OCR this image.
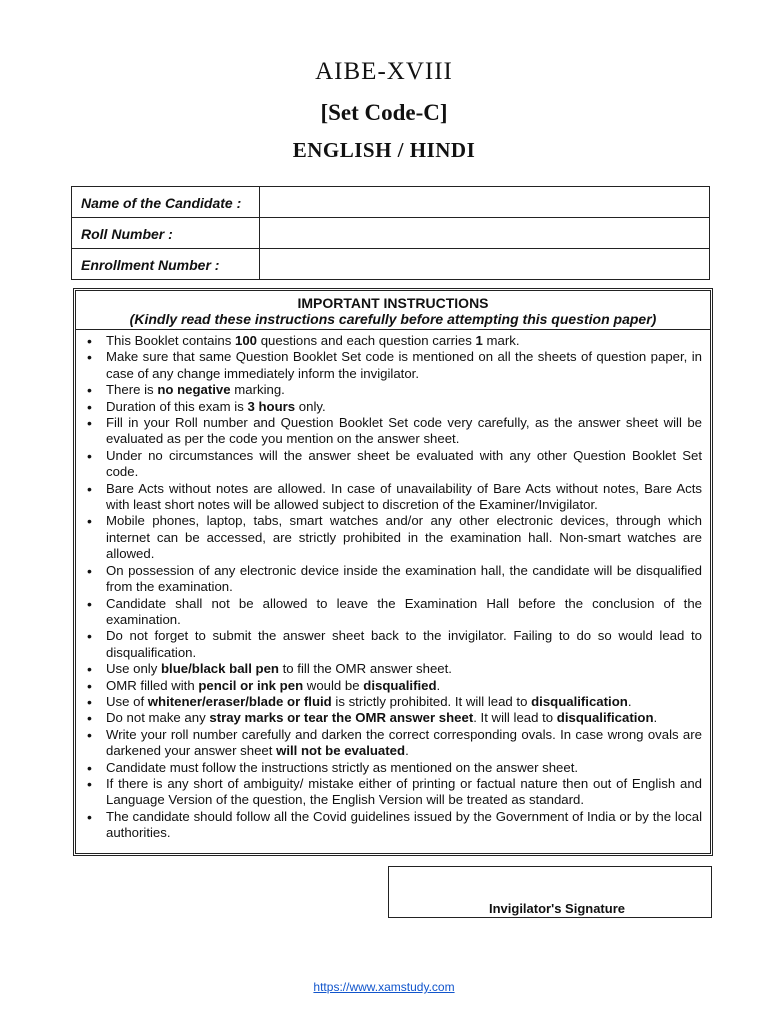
AIBE-XVIII
[Set Code-C]
ENGLISH / HINDI
Name of the Candidate :
Roll Number :
Enrollment Number :
IMPORTANT INSTRUCTIONS
(Kindly read these instructions carefully before attempting this question paper)
• This Booklet contains 100 questions and each question carries 1 mark.
• Make sure that same Question Booklet Set code is mentioned on all the sheets of question paper, in case of any change immediately inform the invigilator.
• There is no negative marking.
• Duration of this exam is 3 hours only.
• Fill in your Roll number and Question Booklet Set code very carefully, as the answer sheet will be evaluated as per the code you mention on the answer sheet.
• Under no circumstances will the answer sheet be evaluated with any other Question Booklet Set code.
• Bare Acts without notes are allowed. In case of unavailability of Bare Acts without notes, Bare Acts with least short notes will be allowed subject to discretion of the Examiner/Invigilator.
• Mobile phones, laptop, tabs, smart watches and/or any other electronic devices, through which internet can be accessed, are strictly prohibited in the examination hall. Non-smart watches are allowed.
• On possession of any electronic device inside the examination hall, the candidate will be disqualified from the examination.
• Candidate shall not be allowed to leave the Examination Hall before the conclusion of the examination.
• Do not forget to submit the answer sheet back to the invigilator. Failing to do so would lead to disqualification.
• Use only blue/black ball pen to fill the OMR answer sheet.
• OMR filled with pencil or ink pen would be disqualified.
• Use of whitener/eraser/blade or fluid is strictly prohibited. It will lead to disqualification.
• Do not make any stray marks or tear the OMR answer sheet. It will lead to disqualification.
• Write your roll number carefully and darken the correct corresponding ovals. In case wrong ovals are darkened your answer sheet will not be evaluated.
• Candidate must follow the instructions strictly as mentioned on the answer sheet.
• If there is any short of ambiguity/ mistake either of printing or factual nature then out of English and Language Version of the question, the English Version will be treated as standard.
• The candidate should follow all the Covid guidelines issued by the Government of India or by the local authorities.
Invigilator's Signature
https://www.xamstudy.com
